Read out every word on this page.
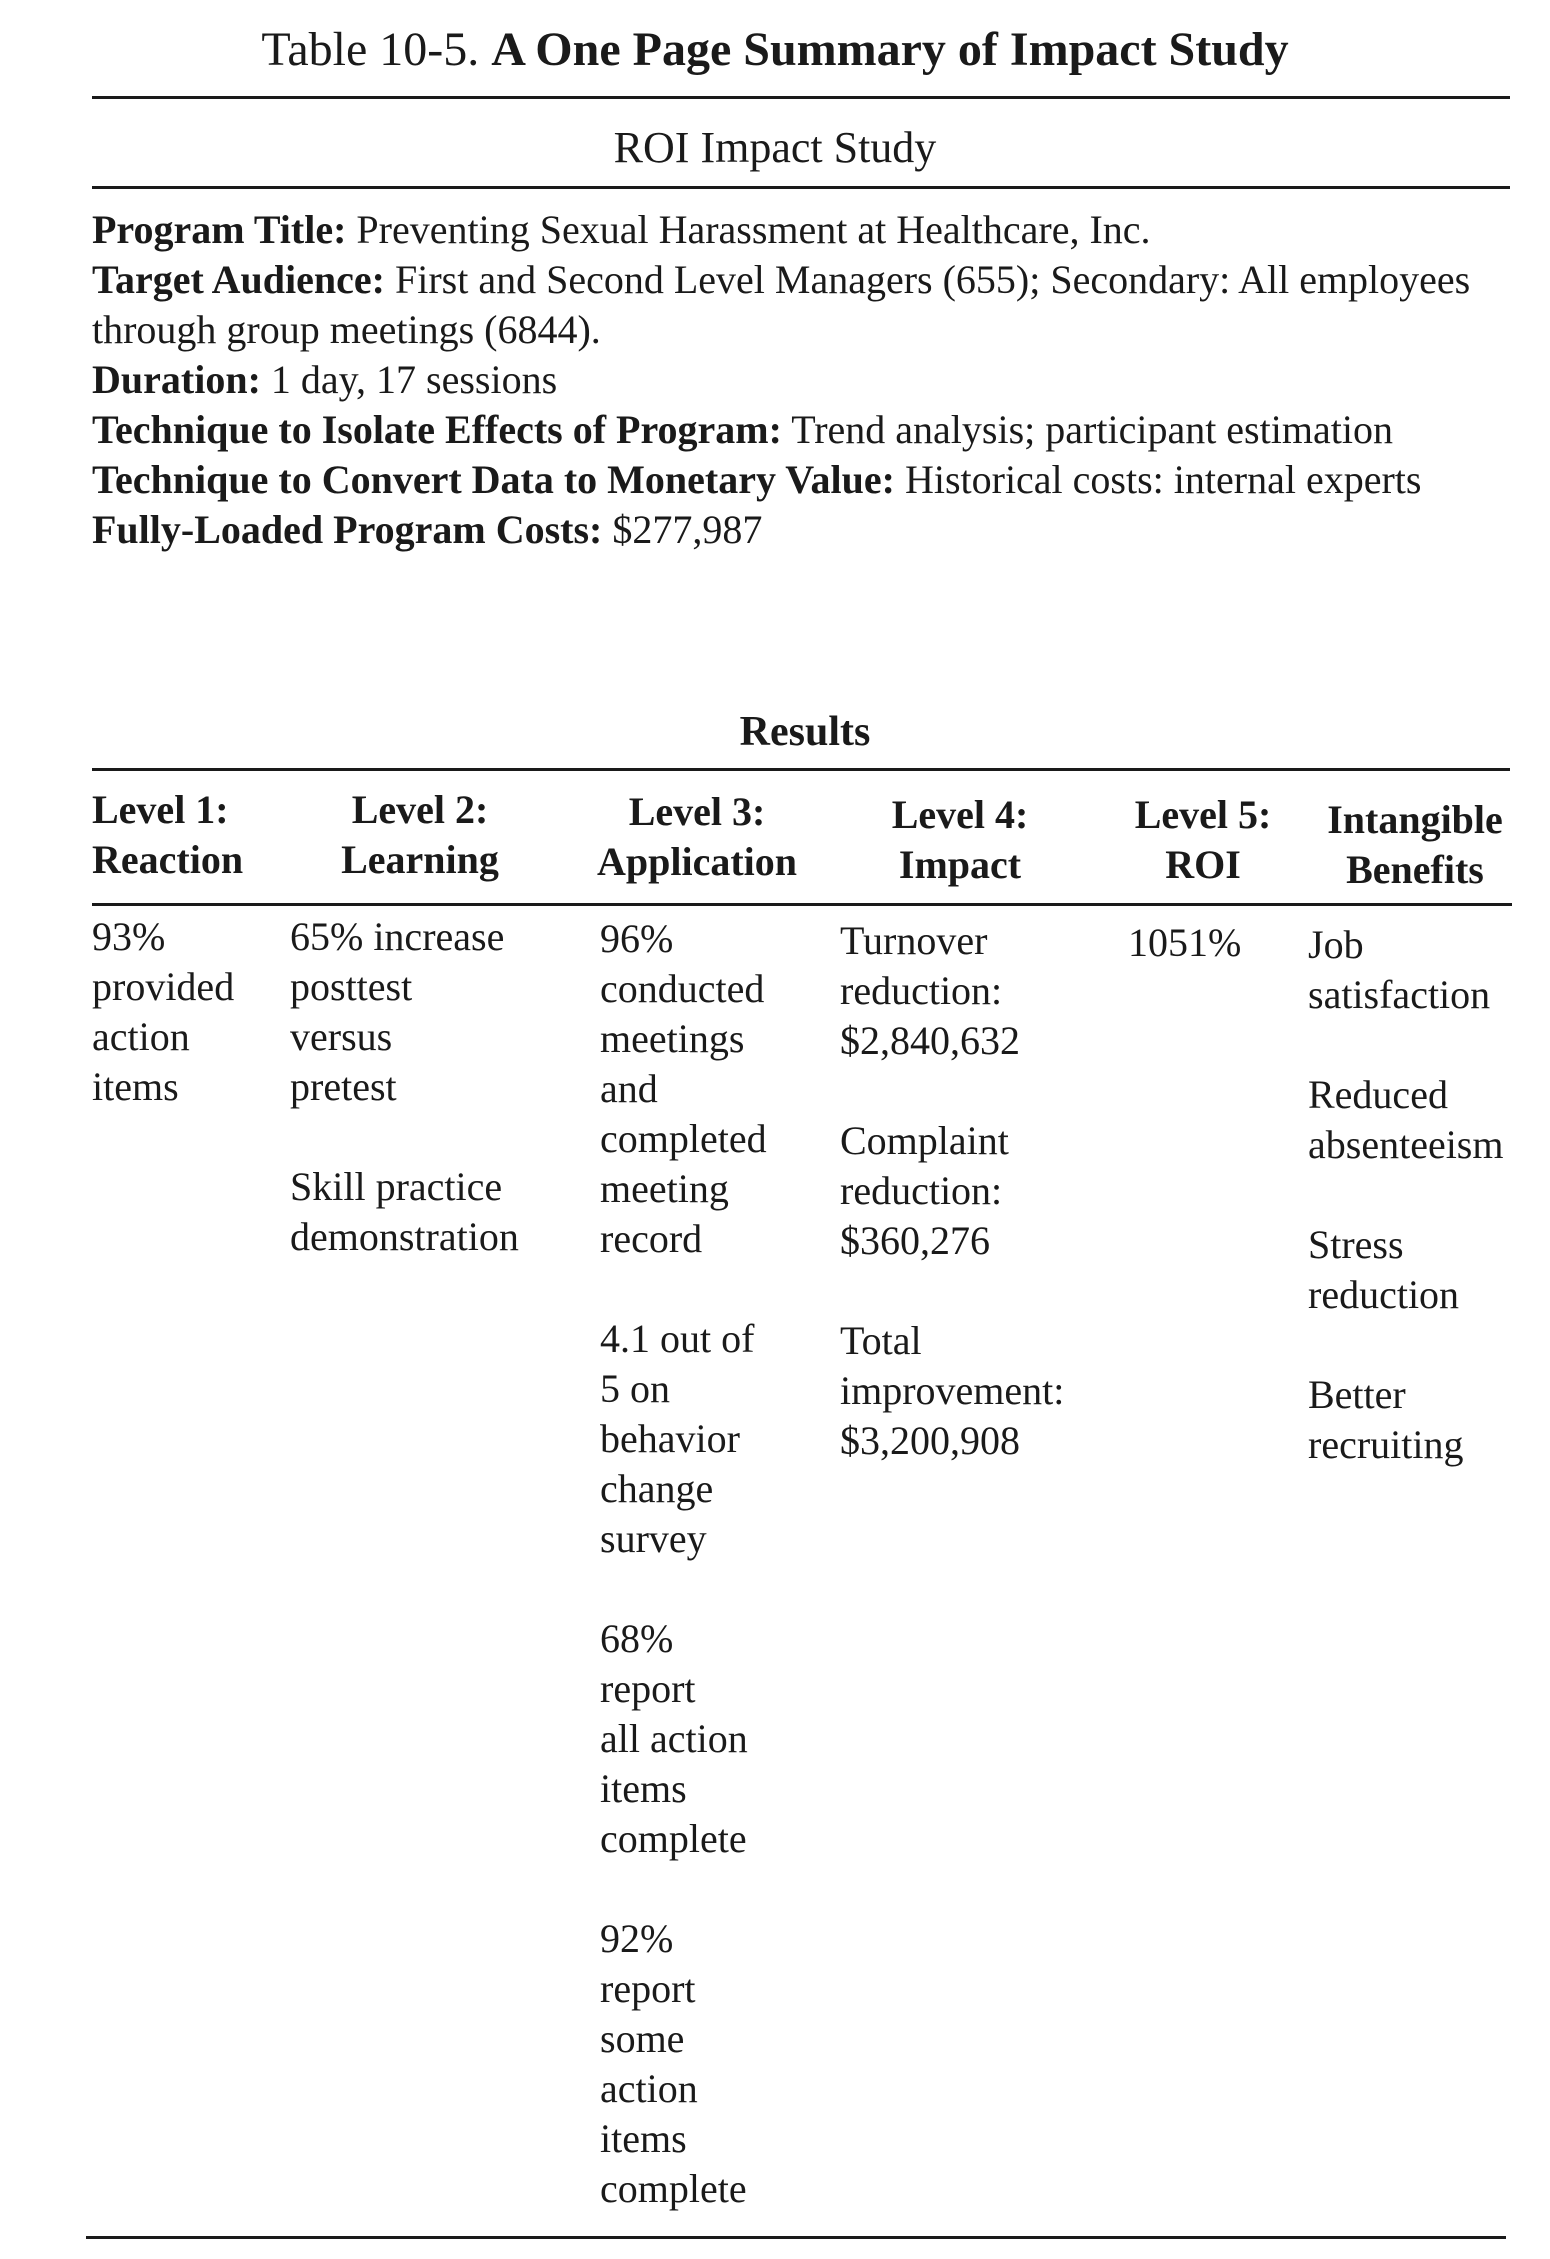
Table 10-5. A One Page Summary of Impact Study
ROI Impact Study
Program Title: Preventing Sexual Harassment at Healthcare, Inc.
Target Audience: First and Second Level Managers (655); Secondary: All employees through group meetings (6844).
Duration: 1 day, 17 sessions
Technique to Isolate Effects of Program: Trend analysis; participant estimation
Technique to Convert Data to Monetary Value: Historical costs: internal experts
Fully-Loaded Program Costs: $277,987
Results
Level 1:
Reaction
Level 2:
Learning
Level 3:
Application
Level 4:
Impact
Level 5:
ROI
Intangible
Benefits

93%
provided
action
items

65% increase
posttest
versus
pretest

Skill practice
demonstration

96%
conducted
meetings
and
completed
meeting
record

4.1 out of
5 on
behavior
change
survey

68%
report
all action
items
complete

92%
report
some
action
items
complete

Turnover
reduction:
$2,840,632

Complaint
reduction:
$360,276

Total
improvement:
$3,200,908

1051%	Job
satisfaction

Reduced
absenteeism

Stress
reduction

Better
recruiting
